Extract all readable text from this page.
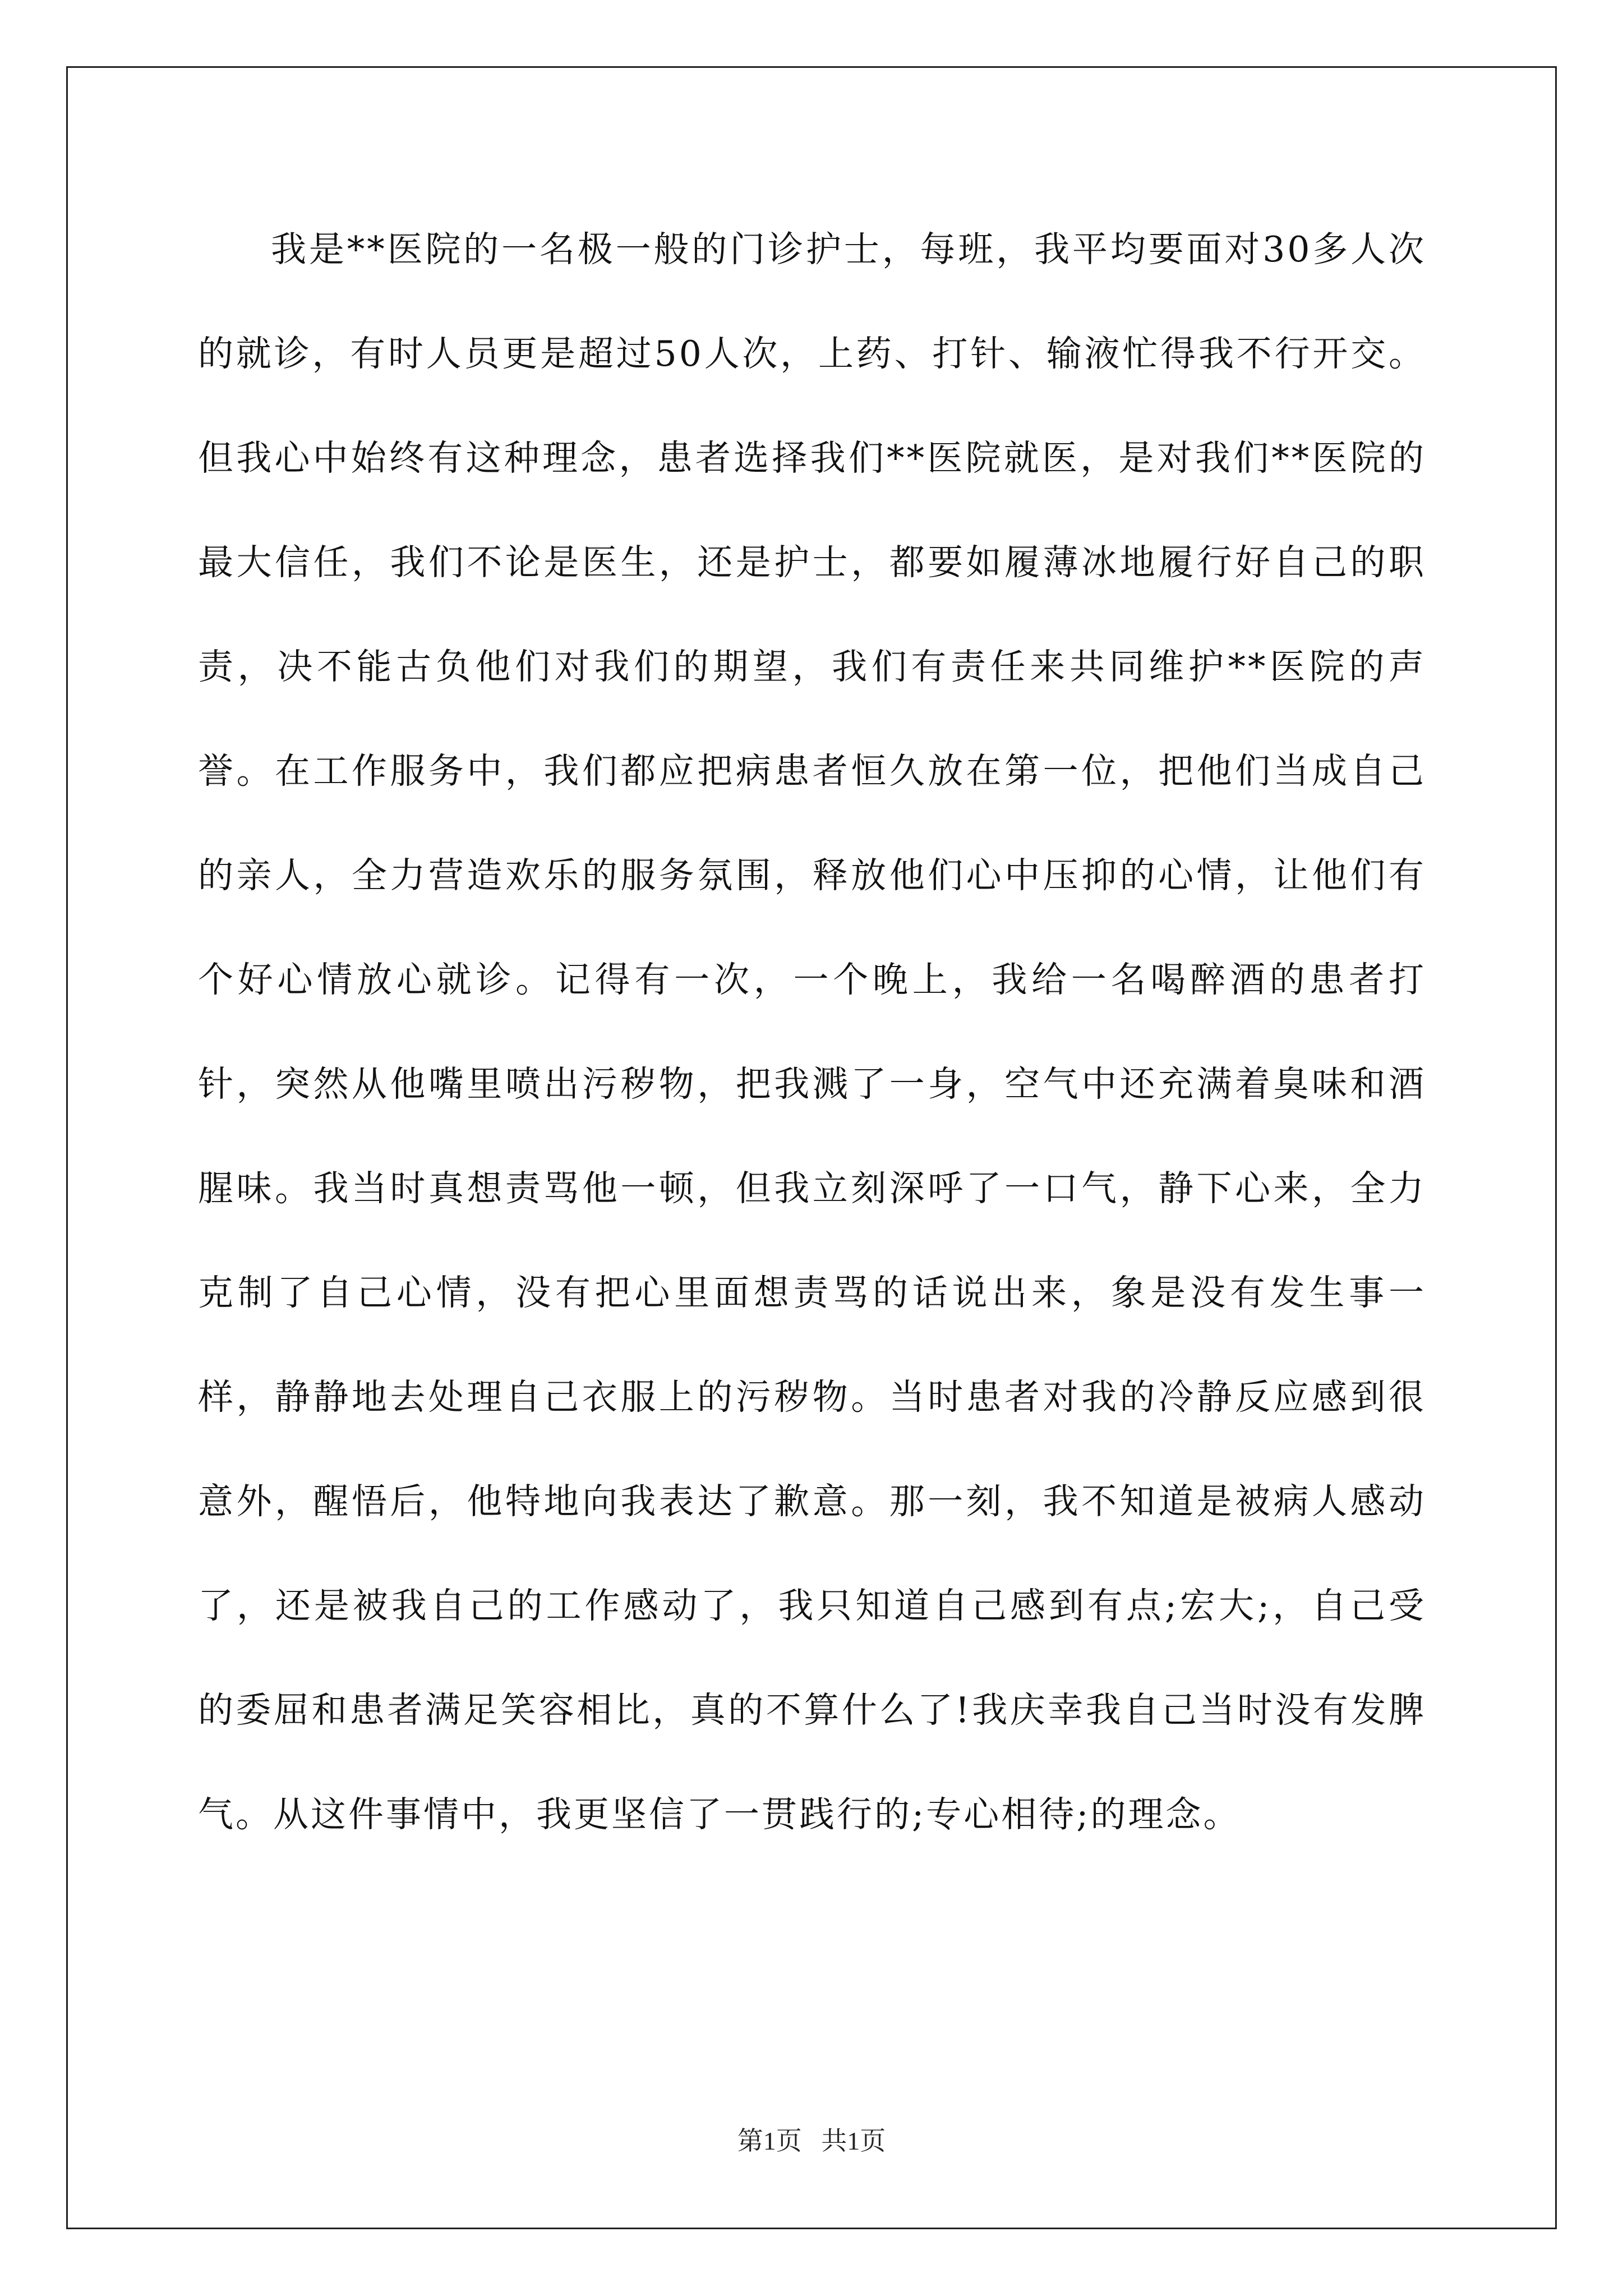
我是**医院的一名极一般的门诊护士，每班，我平均要面对30多人次的就诊，有时人员更是超过50人次，上药、打针、输液忙得我不行开交。但我心中始终有这种理念，患者选择我们**医院就医，是对我们**医院的最大信任，我们不论是医生，还是护士，都要如履薄冰地履行好自己的职责，决不能古负他们对我们的期望，我们有责任来共同维护**医院的声誉。在工作服务中，我们都应把病患者恒久放在第一位，把他们当成自己的亲人，全力营造欢乐的服务氛围，释放他们心中压抑的心情，让他们有个好心情放心就诊。记得有一次，一个晚上，我给一名喝醉酒的患者打针，突然从他嘴里喷出污秽物，把我溅了一身，空气中还充满着臭味和酒腥味。我当时真想责骂他一顿，但我立刻深呼了一口气，静下心来，全力克制了自己心情，没有把心里面想责骂的话说出来，象是没有发生事一样，静静地去处理自己衣服上的污秽物。当时患者对我的冷静反应感到很意外，醒悟后，他特地向我表达了歉意。那一刻，我不知道是被病人感动了，还是被我自己的工作感动了，我只知道自己感到有点;宏大;，自己受的委屈和患者满足笑容相比，真的不算什么了!我庆幸我自己当时没有发脾气。从这件事情中，我更坚信了一贯践行的;专心相待;的理念。

第1页   共1页
